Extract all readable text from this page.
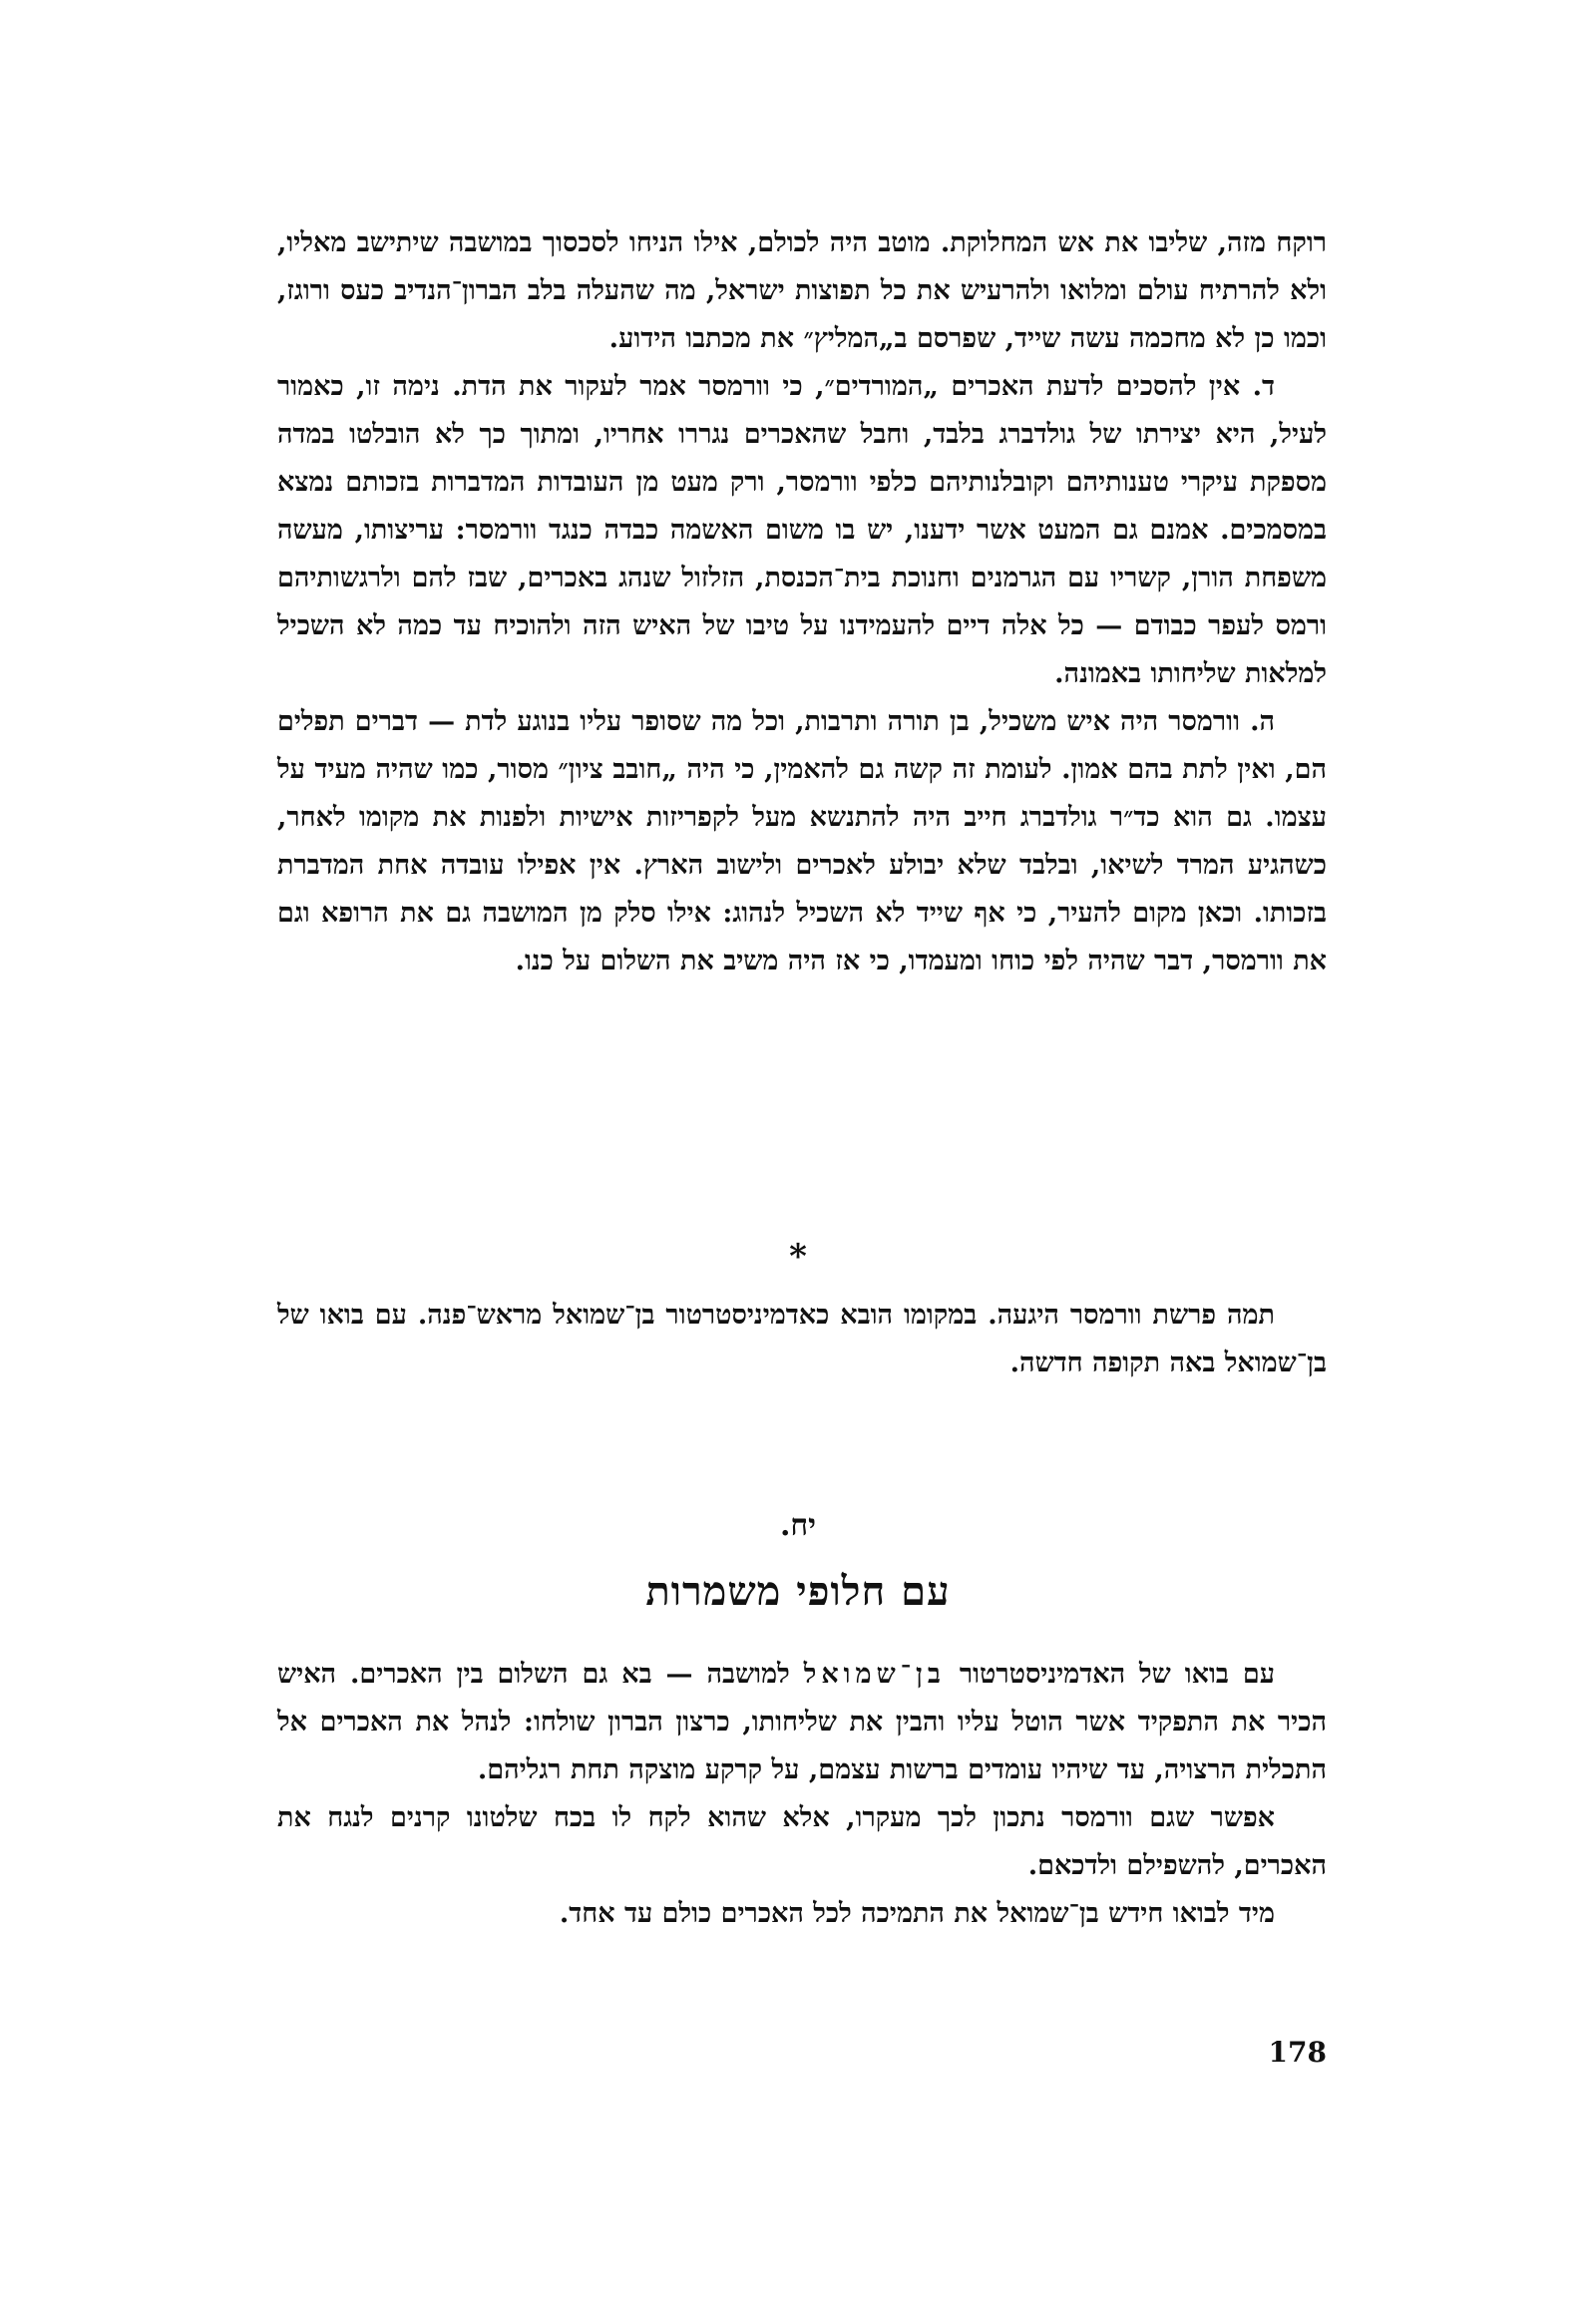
רוקח מזה, שליבו את אש המחלוקת. מוטב היה לכולם, אילו הניחו לסכסוך במושבה שיתישב מאליו, ולא להרתיח עולם ומלואו ולהרעיש את כל תפוצות ישראל, מה שהעלה בלב הברון־הנדיב כעס ורוגז, וכמו כן לא מחכמה עשה שייד, שפרסם ב„המליץ״ את מכתבו הידוע.

ד. אין להסכים לדעת האכרים „המורדים״, כי וורמסר אמר לעקור את הדת. נימה זו, כאמור לעיל, היא יצירתו של גולדברג בלבד, וחבל שהאכרים נגררו אחריו, ומתוך כך לא הובלטו במדה מספקת עיקרי טענותיהם וקובלנותיהם כלפי וורמסר, ורק מעט מן העובדות המדברות בזכותם נמצא במסמכים. אמנם גם המעט אשר ידענו, יש בו משום האשמה כבדה כנגד וורמסר: עריצותו, מעשה משפחת הורן, קשריו עם הגרמנים וחנוכת בית־הכנסת, הזלזול שנהג באכרים, שבז להם ולרגשותיהם ורמס לעפר כבודם — כל אלה דיים להעמידנו על טיבו של האיש הזה ולהוכיח עד כמה לא השכיל למלאות שליחותו באמונה.

ה. וורמסר היה איש משכיל, בן תורה ותרבות, וכל מה שסופר עליו בנוגע לדת — דברים תפלים הם, ואין לתת בהם אמון. לעומת זה קשה גם להאמין, כי היה „חובב ציון״ מסור, כמו שהיה מעיד על עצמו. גם הוא כד״ר גולדברג חייב היה להתנשא מעל לקפריזות אישיות ולפנות את מקומו לאחר, כשהגיע המרד לשיאו, ובלבד שלא יבולע לאכרים ולישוב הארץ. אין אפילו עובדה אחת המדברת בזכותו. וכאן מקום להעיר, כי אף שייד לא השכיל לנהוג: אילו סלק מן המושבה גם את הרופא וגם את וורמסר, דבר שהיה לפי כוחו ומעמדו, כי אז היה משיב את השלום על כנו.

*

תמה פרשת וורמסר היגעה. במקומו הובא כאדמיניסטרטור בן־שמואל מראש־פנה. עם בואו של בן־שמואל באה תקופה חדשה.

יח.
עם חלופי משמרות

עם בואו של האדמיניסטרטור בן־שמואל למושבה — בא גם השלום בין האכרים. האיש הכיר את התפקיד אשר הוטל עליו והבין את שליחותו, כרצון הברון שולחו: לנהל את האכרים אל התכלית הרצויה, עד שיהיו עומדים ברשות עצמם, על קרקע מוצקה תחת רגליהם.

אפשר שגם וורמסר נתכון לכך מעקרו, אלא שהוא לקח לו בכח שלטונו קרנים לנגח את האכרים, להשפילם ולדכאם.

מיד לבואו חידש בן־שמואל את התמיכה לכל האכרים כולם עד אחד.

178
